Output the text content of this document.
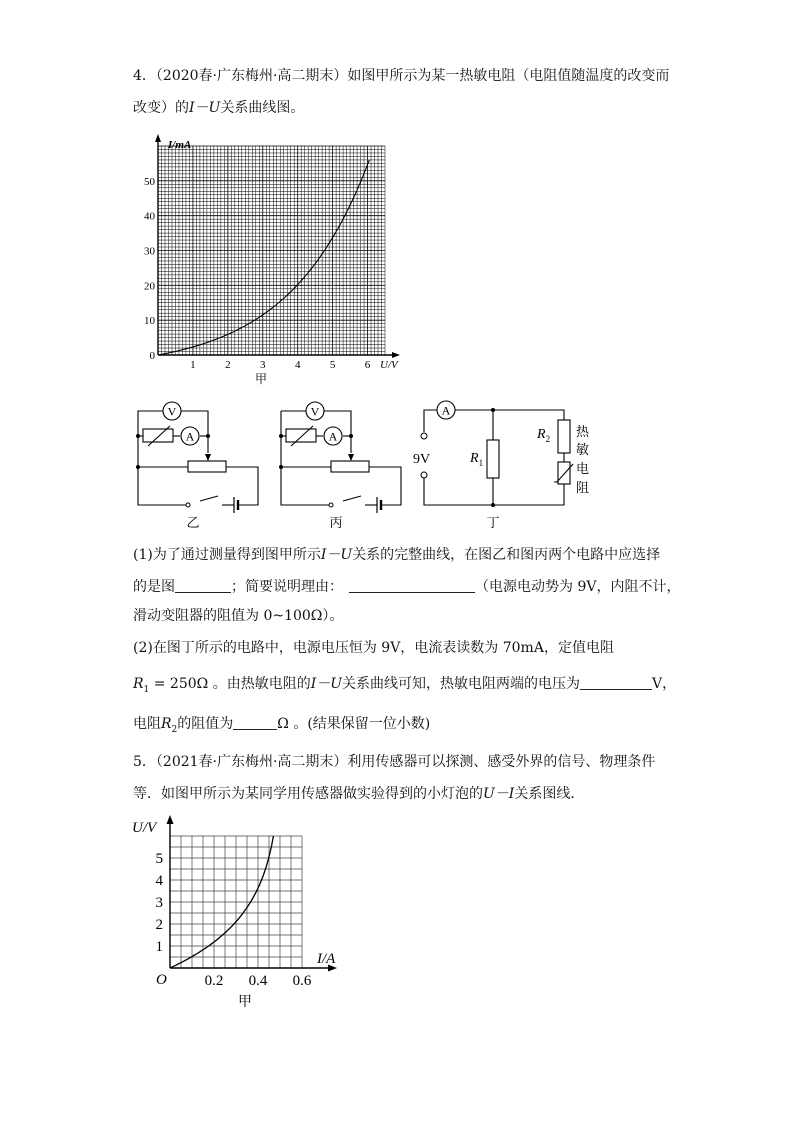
4．（2020春·广东梅州·高二期末）如图甲所示为某一热敏电阻（电阻值随温度的改变而
改变）的I－U关系曲线图。
I/mA
U/V
0
10
20
30
40
50
1	2	3	4	5	6
甲
V
A
乙
V
A
丙
A
9V	$R_1$
$R_2$ 热
敏
电
阻
丁
(1)为了通过测量得到图甲所示I－U关系的完整曲线，在图乙和图丙两个电路中应选择
的是图	；简要说明理由：	（电源电动势为 9V，内阻不计，
滑动变阻器的阻值为 0~100Ω）。
(2)在图丁所示的电路中，电源电压恒为 9V，电流表读数为 70mA，定值电阻
$R_1 = 250\Omega$ 。由热敏电阻的I－U关系曲线可知，热敏电阻两端的电压为	V，
电阻$R_2$的阻值为	Ω 。(结果保留一位小数)
5．（2021春·广东梅州·高二期末）利用传感器可以探测、感受外界的信号、物理条件
等．如图甲所示为某同学用传感器做实验得到的小灯泡的U－I关系图线．
U/V
I/A
O
1
2
3
4
5
0.2 0.4 0.6
甲
